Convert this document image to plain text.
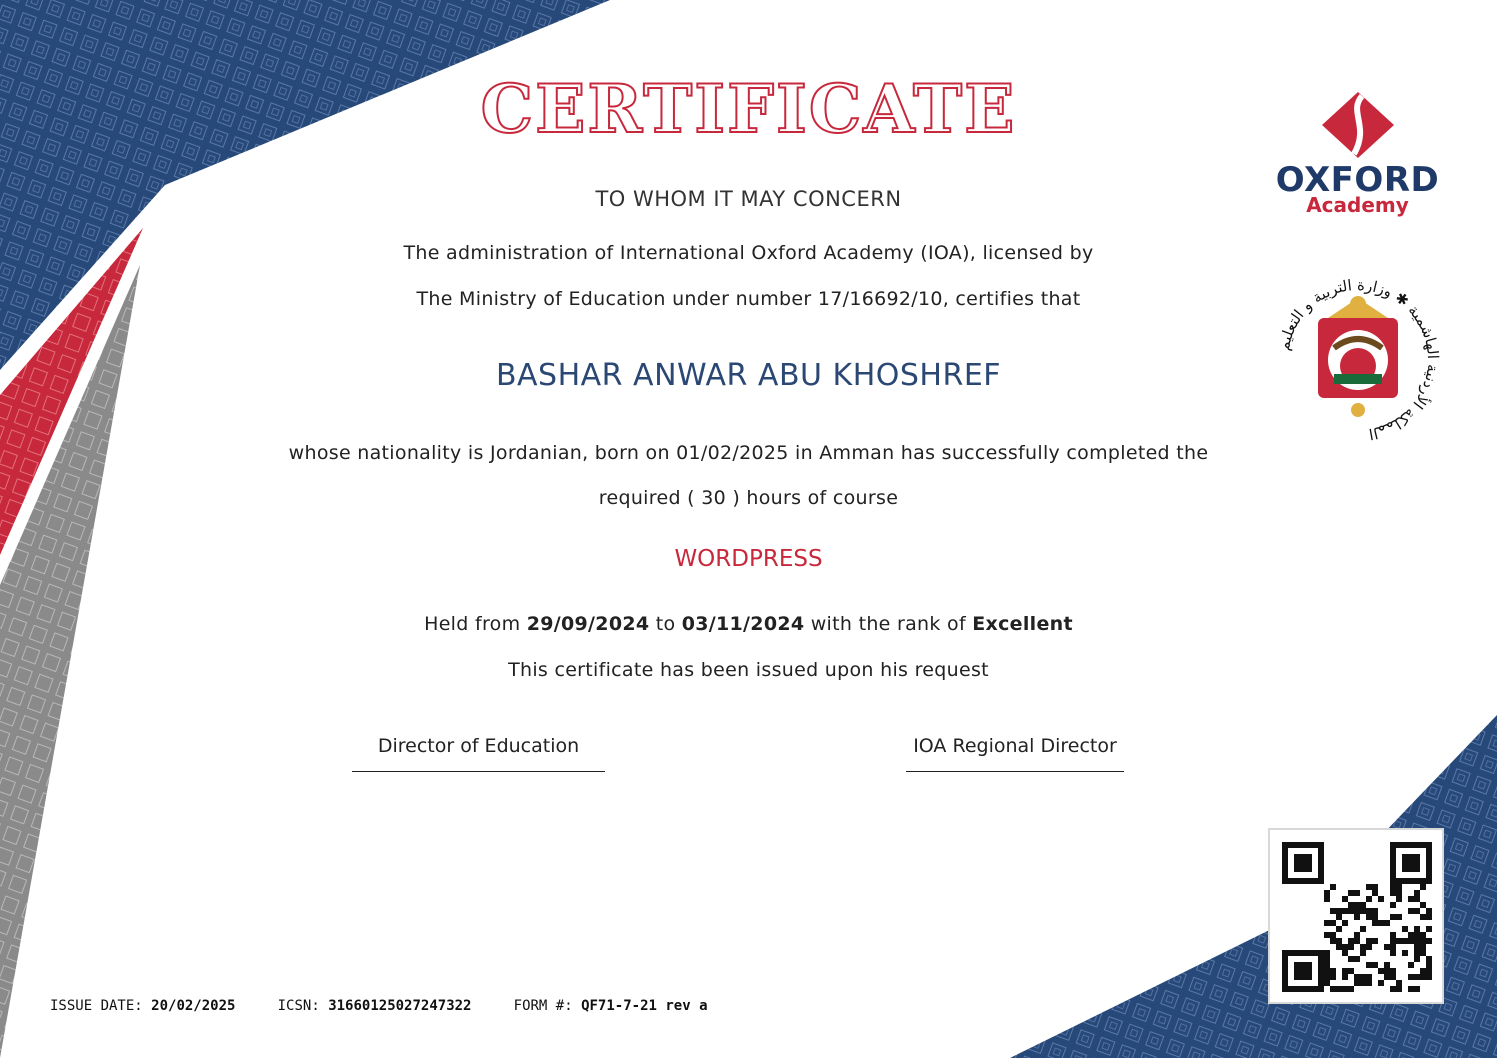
CERTIFICATE
TO WHOM IT MAY CONCERN
The administration of International Oxford Academy (IOA), licensed by
The Ministry of Education under number 17/16692/10, certifies that
BASHAR ANWAR ABU KHOSHREF
whose nationality is Jordanian, born on 01/02/2025 in Amman has successfully completed the
required ( 30 ) hours of course
WORDPRESS
Held from 29/09/2024 to 03/11/2024 with the rank of Excellent
This certificate has been issued upon his request
Director of Education	IOA Regional Director
OXFORD
Academy
المملكة الأردنية الهاشمية ✱ وزارة التربية و التعليم
ISSUE DATE: 20/02/2025	ICSN: 31660125027247322	FORM #: QF71-7-21 rev a
